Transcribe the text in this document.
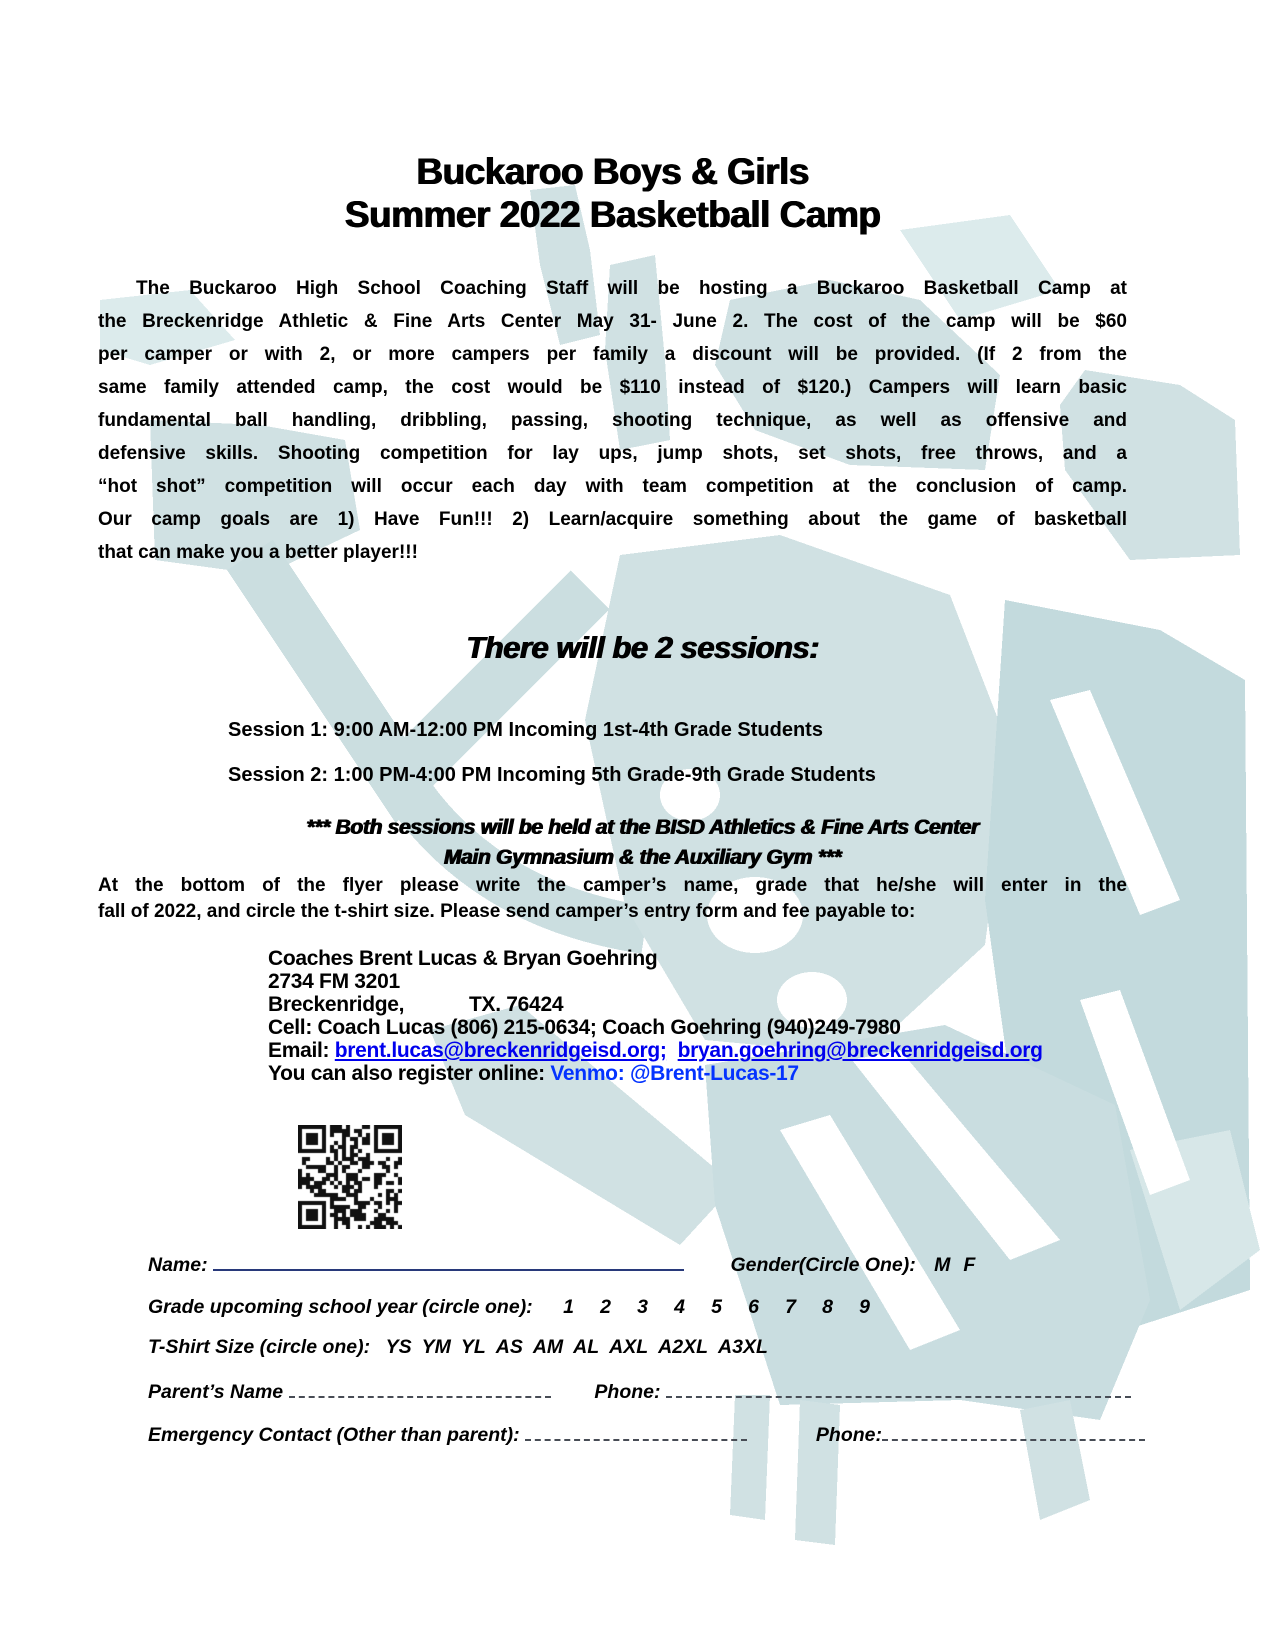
Buckaroo Boys & Girls
Summer 2022 Basketball Camp
The Buckaroo High School Coaching Staff will be hosting a Buckaroo Basketball Camp at
the Breckenridge Athletic & Fine Arts Center May 31- June 2. The cost of the camp will be $60
per camper or with 2, or more campers per family a discount will be provided. (If 2 from the
same family attended camp, the cost would be $110 instead of $120.) Campers will learn basic
fundamental ball handling, dribbling, passing, shooting technique, as well as offensive and
defensive skills. Shooting competition for lay ups, jump shots, set shots, free throws, and a
“hot shot” competition will occur each day with team competition at the conclusion of camp.
Our camp goals are 1) Have Fun!!! 2) Learn/acquire something about the game of basketball
that can make you a better player!!!
There will be 2 sessions:
Session 1: 9:00 AM-12:00 PM Incoming 1st-4th Grade Students
Session 2: 1:00 PM-4:00 PM Incoming 5th Grade-9th Grade Students
*** Both sessions will be held at the BISD Athletics & Fine Arts Center
Main Gymnasium & the Auxiliary Gym ***
At the bottom of the flyer please write the camper’s name, grade that he/she will enter in the
fall of 2022, and circle the t-shirt size. Please send camper’s entry form and fee payable to:
Coaches Brent Lucas & Bryan Goehring
2734 FM 3201
Breckenridge,	TX. 76424
Cell: Coach Lucas (806) 215-0634; Coach Goehring (940)249-7980
Email: brent.lucas@breckenridgeisd.org; bryan.goehring@breckenridgeisd.org
You can also register online: Venmo: @Brent-Lucas-17
Name:	Gender(Circle One): M F
Grade upcoming school year (circle one): 1 2 3 4 5 6 7 8 9
T-Shirt Size (circle one): YS YM YL AS AM AL AXL A2XL A3XL
Parent’s Name	Phone:
Emergency Contact (Other than parent):	Phone:
